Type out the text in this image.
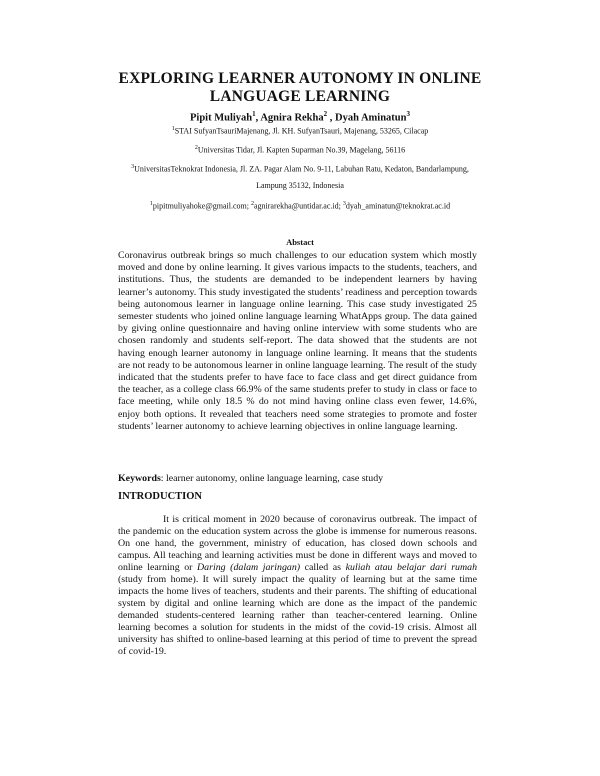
EXPLORING LEARNER AUTONOMY IN ONLINE
LANGUAGE LEARNING
Pipit Muliyah$^1$, Agnira Rekha$^2$ , Dyah Aminatun$^3$
$^1$STAI SufyanTsauriMajenang, Jl. KH. SufyanTsauri, Majenang, 53265, Cilacap
$^2$Universitas Tidar, Jl. Kapten Suparman No.39, Magelang, 56116
$^3$UniversitasTeknokrat Indonesia, Jl. ZA. Pagar Alam No. 9-11, Labuhan Ratu, Kedaton, Bandarlampung,
Lampung 35132, Indonesia
$^1$pipitmuliyahoke@gmail.com; $^2$agnirarekha@untidar.ac.id; $^3$dyah_aminatun@teknokrat.ac.id
Abstact

Coronavirus outbreak brings so much challenges to our education system which mostly moved and done by online learning. It gives various impacts to the students, teachers, and institutions. Thus, the students are demanded to be independent learners by having learner’s autonomy. This study investigated the students’ readiness and perception towards being autonomous learner in language online learning. This case study investigated 25 semester students who joined online language learning WhatApps group. The data gained by giving online questionnaire and having online interview with some students who are chosen randomly and students self-report. The data showed that the students are not having enough learner autonomy in language online learning. It means that the students are not ready to be autonomous learner in online language learning. The result of the study indicated that the students prefer to have face to face class and get direct guidance from the teacher, as a college class 66.9% of the same students prefer to study in class or face to face meeting, while only 18.5 % do not mind having online class even fewer, 14.6%, enjoy both options. It revealed that teachers need some strategies to promote and foster students’ learner autonomy to achieve learning objectives in online language learning.

Keywords: learner autonomy, online language learning, case study
INTRODUCTION

It is critical moment in 2020 because of coronavirus outbreak. The impact of the pandemic on the education system across the globe is immense for numerous reasons. On one hand, the government, ministry of education, has closed down schools and campus. All teaching and learning activities must be done in different ways and moved to online learning or Daring (dalam jaringan) called as kuliah atau belajar dari rumah (study from home). It will surely impact the quality of learning but at the same time impacts the home lives of teachers, students and their parents. The shifting of educational system by digital and online learning which are done as the impact of the pandemic demanded students-centered learning rather than teacher-centered learning. Online learning becomes a solution for students in the midst of the covid-19 crisis. Almost all university has shifted to online-based learning at this period of time to prevent the spread of covid-19.
